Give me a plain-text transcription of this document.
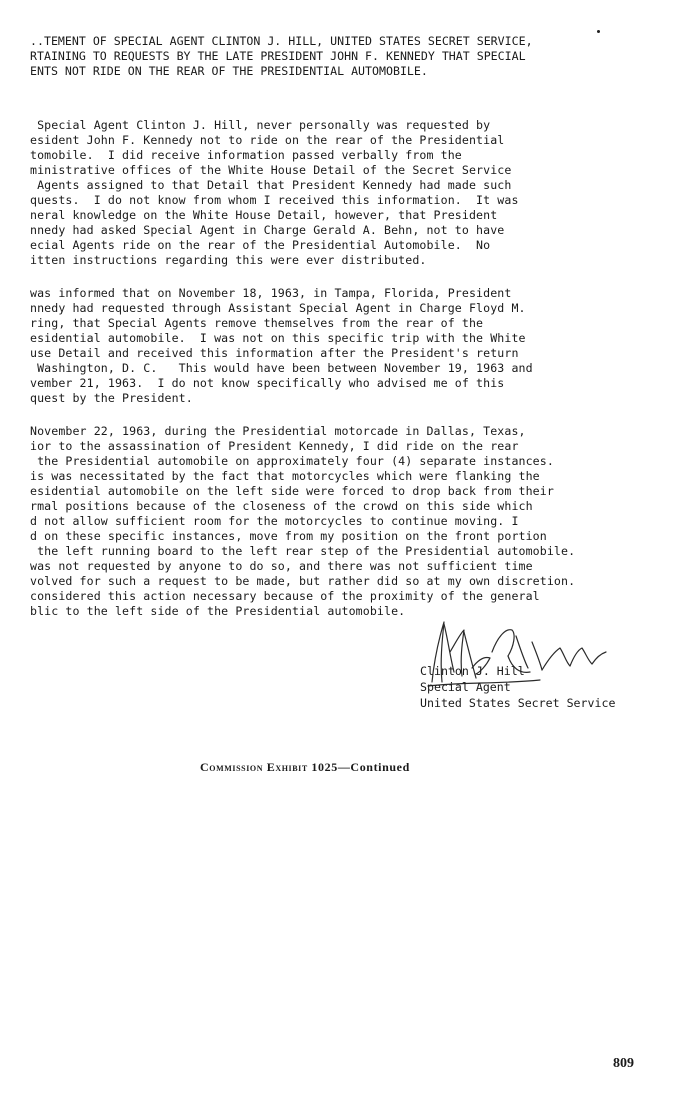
..TEMENT OF SPECIAL AGENT CLINTON J. HILL, UNITED STATES SECRET SERVICE,
RTAINING TO REQUESTS BY THE LATE PRESIDENT JOHN F. KENNEDY THAT SPECIAL
ENTS NOT RIDE ON THE REAR OF THE PRESIDENTIAL AUTOMOBILE.
Special Agent Clinton J. Hill, never personally was requested by
esident John F. Kennedy not to ride on the rear of the Presidential
tomobile.  I did receive information passed verbally from the
ministrative offices of the White House Detail of the Secret Service
Agents assigned to that Detail that President Kennedy had made such
quests.  I do not know from whom I received this information.  It was
neral knowledge on the White House Detail, however, that President
nnedy had asked Special Agent in Charge Gerald A. Behn, not to have
ecial Agents ride on the rear of the Presidential Automobile.  No
itten instructions regarding this were ever distributed.
was informed that on November 18, 1963, in Tampa, Florida, President
nnedy had requested through Assistant Special Agent in Charge Floyd M.
ring, that Special Agents remove themselves from the rear of the
esidential automobile.  I was not on this specific trip with the White
use Detail and received this information after the President's return
Washington, D. C.   This would have been between November 19, 1963 and
vember 21, 1963.  I do not know specifically who advised me of this
quest by the President.
November 22, 1963, during the Presidential motorcade in Dallas, Texas,
ior to the assassination of President Kennedy, I did ride on the rear
the Presidential automobile on approximately four (4) separate instances.
is was necessitated by the fact that motorcycles which were flanking the
esidential automobile on the left side were forced to drop back from their
rmal positions because of the closeness of the crowd on this side which
d not allow sufficient room for the motorcycles to continue moving. I
d on these specific instances, move from my position on the front portion
the left running board to the left rear step of the Presidential automobile.
was not requested by anyone to do so, and there was not sufficient time
volved for such a request to be made, but rather did so at my own discretion.
considered this action necessary because of the proximity of the general
blic to the left side of the Presidential automobile.
Clinton J. Hill
Special Agent
United States Secret Service
Commission Exhibit 1025—Continued
809
